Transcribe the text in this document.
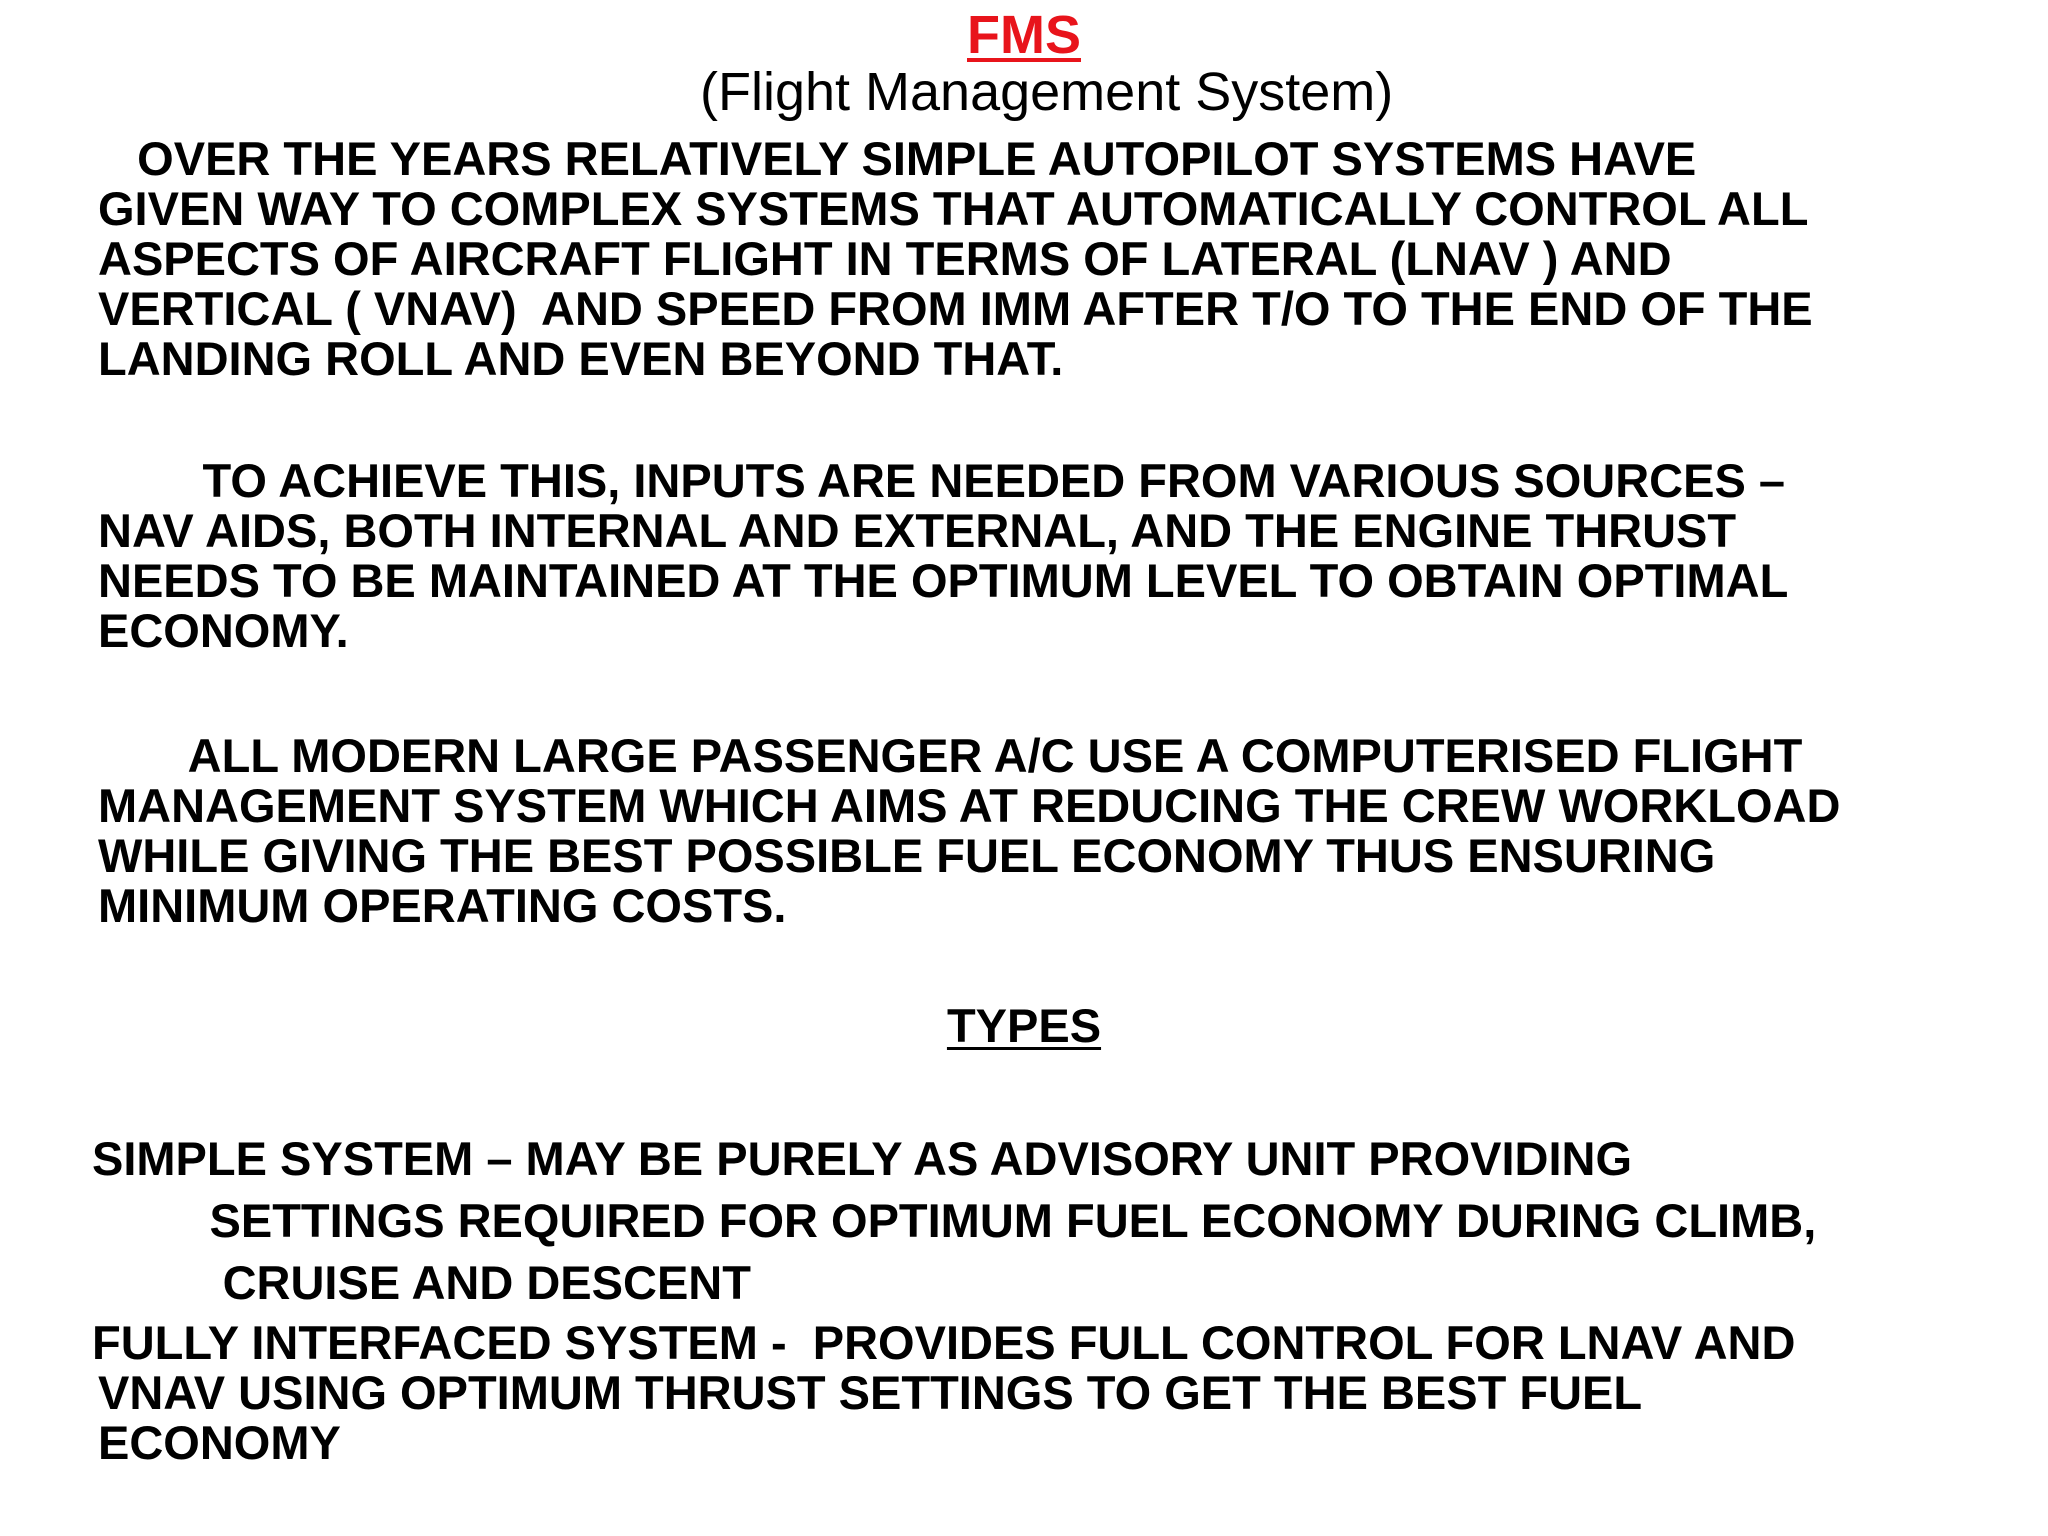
FMS
(Flight Management System)
OVER THE YEARS RELATIVELY SIMPLE AUTOPILOT SYSTEMS HAVE
GIVEN WAY TO COMPLEX SYSTEMS THAT AUTOMATICALLY CONTROL ALL
ASPECTS OF AIRCRAFT FLIGHT IN TERMS OF LATERAL (LNAV ) AND
VERTICAL ( VNAV)  AND SPEED FROM IMM AFTER T/O TO THE END OF THE
LANDING ROLL AND EVEN BEYOND THAT.
TO ACHIEVE THIS, INPUTS ARE NEEDED FROM VARIOUS SOURCES –
NAV AIDS, BOTH INTERNAL AND EXTERNAL, AND THE ENGINE THRUST
NEEDS TO BE MAINTAINED AT THE OPTIMUM LEVEL TO OBTAIN OPTIMAL
ECONOMY.
ALL MODERN LARGE PASSENGER A/C USE A COMPUTERISED FLIGHT
MANAGEMENT SYSTEM WHICH AIMS AT REDUCING THE CREW WORKLOAD
WHILE GIVING THE BEST POSSIBLE FUEL ECONOMY THUS ENSURING
MINIMUM OPERATING COSTS.
TYPES
SIMPLE SYSTEM – MAY BE PURELY AS ADVISORY UNIT PROVIDING
SETTINGS REQUIRED FOR OPTIMUM FUEL ECONOMY DURING CLIMB,
CRUISE AND DESCENT
FULLY INTERFACED SYSTEM -  PROVIDES FULL CONTROL FOR LNAV AND
VNAV USING OPTIMUM THRUST SETTINGS TO GET THE BEST FUEL
ECONOMY
